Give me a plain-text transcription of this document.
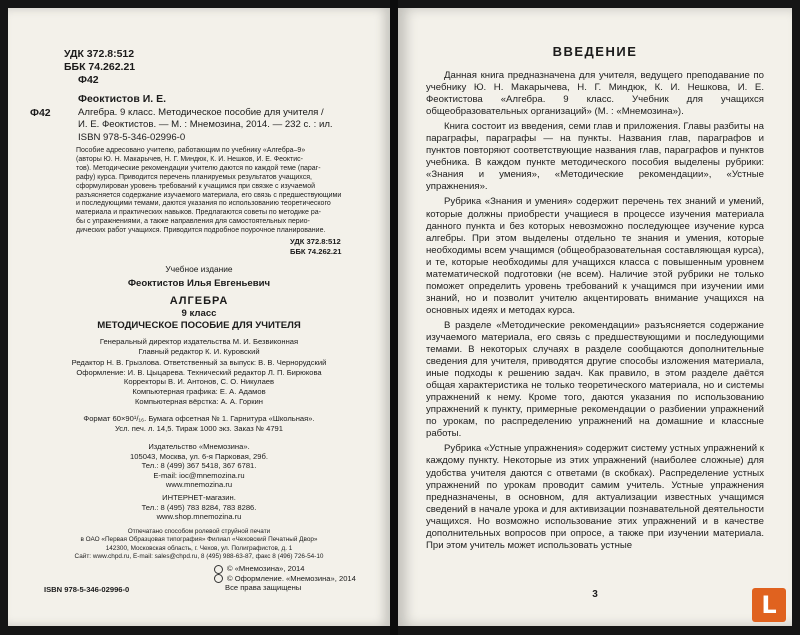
УДК 372.8:512
ББК 74.262.21
Ф42
Феоктистов И. Е.
Ф42	Алгебра. 9 класс. Методическое пособие для учителя /
И. Е. Феоктистов. — М. : Мнемозина, 2014. — 232 с. : ил.
ISBN 978-5-346-02996-0
Пособие адресовано учителю, работающим по учебнику «Алгебра–9»
(авторы Ю. Н. Макарычев, Н. Г. Миндюк, К. И. Нешков, И. Е. Феоктис-
тов). Методические рекомендации учителю даются по каждой теме (параг-
рафу) курса. Приводится перечень планируемых результатов учащихся,
сформулирован уровень требований к учащимся при связке с изучаемой
разъясняется содержание изучаемого материала, его связь с предшествующими
и последующими темами, даются указания по использованию теоретического
материала и практических навыков. Предлагаются советы по методике ра-
бы с упражнениями, а также направления для самостоятельных перио-
дических работ учащихся. Приводится подробное поурочное планирование.
УДК 372.8:512
ББК 74.262.21
Учебное издание
Феоктистов Илья Евгеньевич
АЛГЕБРА
9 класс
МЕТОДИЧЕСКОЕ ПОСОБИЕ ДЛЯ УЧИТЕЛЯ
Генеральный директор издательства М. И. Безвиконная
Главный редактор К. И. Куровский
Редактор Н. В. Грызлова. Ответственный за выпуск: В. В. Чернорудский
Оформление: И. В. Цыцарева. Технический редактор Л. П. Бирюкова
Корректоры В. И. Антонов, С. О. Никулаев
Компьютерная графика: Е. А. Адамов
Компьютерная вёрстка: А. А. Горкин
Формат 60×90¹/₁₆. Бумага офсетная № 1. Гарнитура «Школьная».
Усл. печ. л. 14,5. Тираж 1000 экз. Заказ № 4791
Издательство «Мнемозина».
105043, Москва, ул. 6-я Парковая, 29б.
Тел.: 8 (499) 367 5418, 367 6781.
E-mail: ioc@mnemozina.ru
www.mnemozina.ru
ИНТЕРНЕТ-магазин.
Тел.: 8 (495) 783 8284, 783 8286.
www.shop.mnemozina.ru
Отпечатано способом ролевой струйной печати
в ОАО «Первая Образцовая типография» Филиал «Чеховский Печатный Двор»
142300, Московская область, г. Чехов, ул. Полиграфистов, д. 1
Сайт: www.chpd.ru, E-mail: sales@chpd.ru, 8 (495) 988-63-87, факс 8 (496) 726-54-10
© «Мнемозина», 2014
© Оформление. «Мнемозина», 2014
Все права защищены
ISBN 978-5-346-02996-0
ВВЕДЕНИЕ

Данная книга предназначена для учителя, ведущего преподавание по учебнику Ю. Н. Макарычева, Н. Г. Миндюк, К. И. Нешкова, И. Е. Феоктистова «Алгебра. 9 класс. Учебник для учащихся общеобразовательных организаций» (М. : «Мнемозина»).

Книга состоит из введения, семи глав и приложения. Главы разбиты на параграфы, параграфы — на пункты. Названия глав, параграфов и пунктов повторяют соответствующие названия глав, параграфов и пунктов учебника. В каждом пункте методического пособия выделены рубрики: «Знания и умения», «Методические рекомендации», «Устные упражнения».

Рубрика «Знания и умения» содержит перечень тех знаний и умений, которые должны приобрести учащиеся в процессе изучения материала данного пункта и без которых невозможно последующее изучение курса алгебры. При этом выделены отдельно те знания и умения, которые необходимы всем учащимся (общеобразовательная составляющая курса), и те, которые необходимы для учащихся класса с повышенным уровнем математической подготовки (не всем). Наличие этой рубрики не только поможет определить уровень требований к учащимся при изучении ими знаний, но и позволит учителю акцентировать внимание учащихся на основных идеях и методах курса.

В разделе «Методические рекомендации» разъясняется содержание изучаемого материала, его связь с предшествующими и последующими темами. В некоторых случаях в разделе сообщаются дополнительные сведения для учителя, приводятся другие способы изложения материала, иные подходы к решению задач. Как правило, в этом разделе даётся общая характеристика не только теоретического материала, но и системы упражнений к нему. Кроме того, даются указания по использованию упражнений к пункту, примерные рекомендации о разбиении упражнений по урокам, по распределению упражнений на домашние и классные работы.

Рубрика «Устные упражнения» содержит систему устных упражнений к каждому пункту. Некоторые из этих упражнений (наиболее сложные) для удобства учителя даются с ответами (в скобках). Распределение устных упражнений по урокам проводит самим учитель. Устные упражнения предназначены, в основном, для актуализации известных учащимся сведений в начале урока и для активизации познавательной деятельности учащихся. Но возможно использование этих упражнений и в качестве дополнительных вопросов при опросе, а также при изучении материала. При этом учитель может использовать устные

3	L
